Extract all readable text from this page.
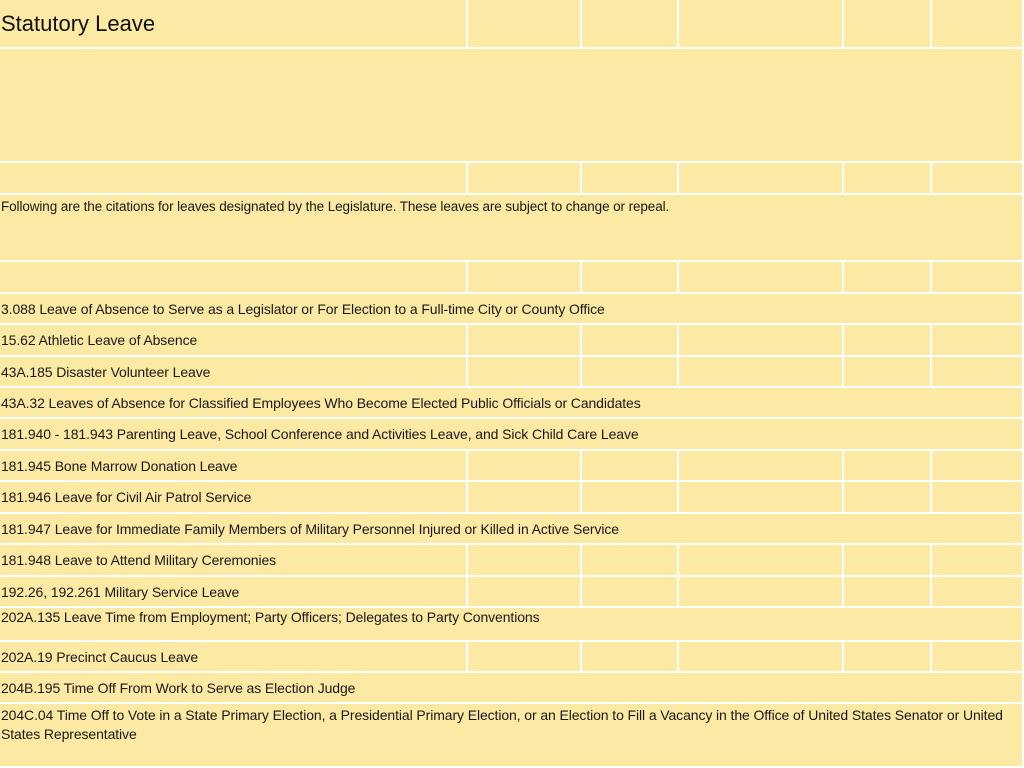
Statutory Leave
Following are the citations for leaves designated by the Legislature. These leaves are subject to change or repeal.
3.088 Leave of Absence to Serve as a Legislator or For Election to a Full-time City or County Office
15.62 Athletic Leave of Absence
43A.185 Disaster Volunteer Leave
43A.32 Leaves of Absence for Classified Employees Who Become Elected Public Officials or Candidates
181.940 - 181.943 Parenting Leave, School Conference and Activities Leave, and Sick Child Care Leave
181.945 Bone Marrow Donation Leave
181.946 Leave for Civil Air Patrol Service
181.947 Leave for Immediate Family Members of Military Personnel Injured or Killed in Active Service
181.948 Leave to Attend Military Ceremonies
192.26, 192.261 Military Service Leave
202A.135 Leave Time from Employment; Party Officers; Delegates to Party Conventions
202A.19 Precinct Caucus Leave
204B.195 Time Off From Work to Serve as Election Judge
204C.04 Time Off to Vote in a State Primary Election, a Presidential Primary Election, or an Election to Fill a Vacancy in the Office of United States Senator or United States Representative
